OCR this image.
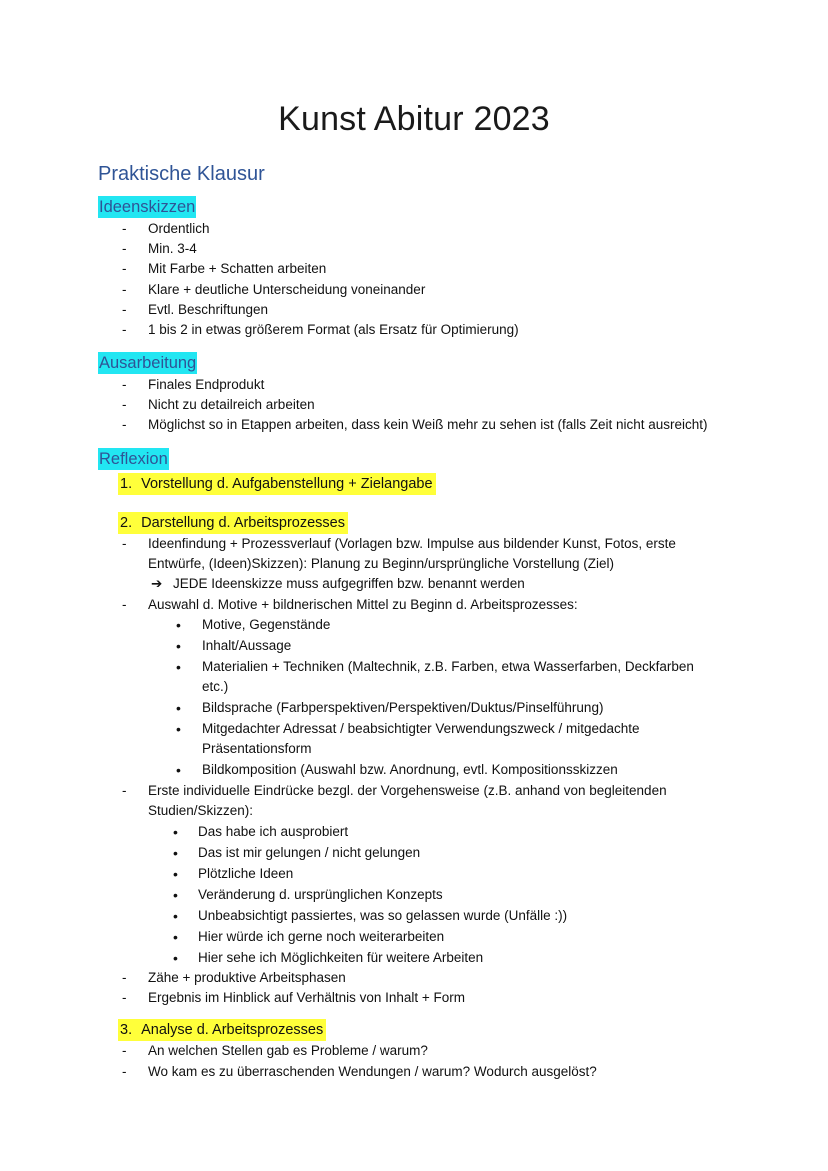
Kunst Abitur 2023
Praktische Klausur
Ideenskizzen
- Ordentlich
- Min. 3-4
- Mit Farbe + Schatten arbeiten
- Klare + deutliche Unterscheidung voneinander
- Evtl. Beschriftungen
- 1 bis 2 in etwas größerem Format (als Ersatz für Optimierung)
Ausarbeitung
- Finales Endprodukt
- Nicht zu detailreich arbeiten
- Möglichst so in Etappen arbeiten, dass kein Weiß mehr zu sehen ist (falls Zeit nicht ausreicht)
Reflexion
1. Vorstellung d. Aufgabenstellung + Zielangabe
2. Darstellung d. Arbeitsprozesses
- Ideenfindung + Prozessverlauf (Vorlagen bzw. Impulse aus bildender Kunst, Fotos, erste
Entwürfe, (Ideen)Skizzen): Planung zu Beginn/ursprüngliche Vorstellung (Ziel)
➔ JEDE Ideenskizze muss aufgegriffen bzw. benannt werden
- Auswahl d. Motive + bildnerischen Mittel zu Beginn d. Arbeitsprozesses:
• Motive, Gegenstände
• Inhalt/Aussage
• Materialien + Techniken (Maltechnik, z.B. Farben, etwa Wasserfarben, Deckfarben
etc.)
• Bildsprache (Farbperspektiven/Perspektiven/Duktus/Pinselführung)
• Mitgedachter Adressat / beabsichtigter Verwendungszweck / mitgedachte
Präsentationsform
• Bildkomposition (Auswahl bzw. Anordnung, evtl. Kompositionsskizzen
- Erste individuelle Eindrücke bezgl. der Vorgehensweise (z.B. anhand von begleitenden
Studien/Skizzen):
• Das habe ich ausprobiert
• Das ist mir gelungen / nicht gelungen
• Plötzliche Ideen
• Veränderung d. ursprünglichen Konzepts
• Unbeabsichtigt passiertes, was so gelassen wurde (Unfälle :))
• Hier würde ich gerne noch weiterarbeiten
• Hier sehe ich Möglichkeiten für weitere Arbeiten
- Zähe + produktive Arbeitsphasen
- Ergebnis im Hinblick auf Verhältnis von Inhalt + Form
3. Analyse d. Arbeitsprozesses
- An welchen Stellen gab es Probleme / warum?
- Wo kam es zu überraschenden Wendungen / warum? Wodurch ausgelöst?
